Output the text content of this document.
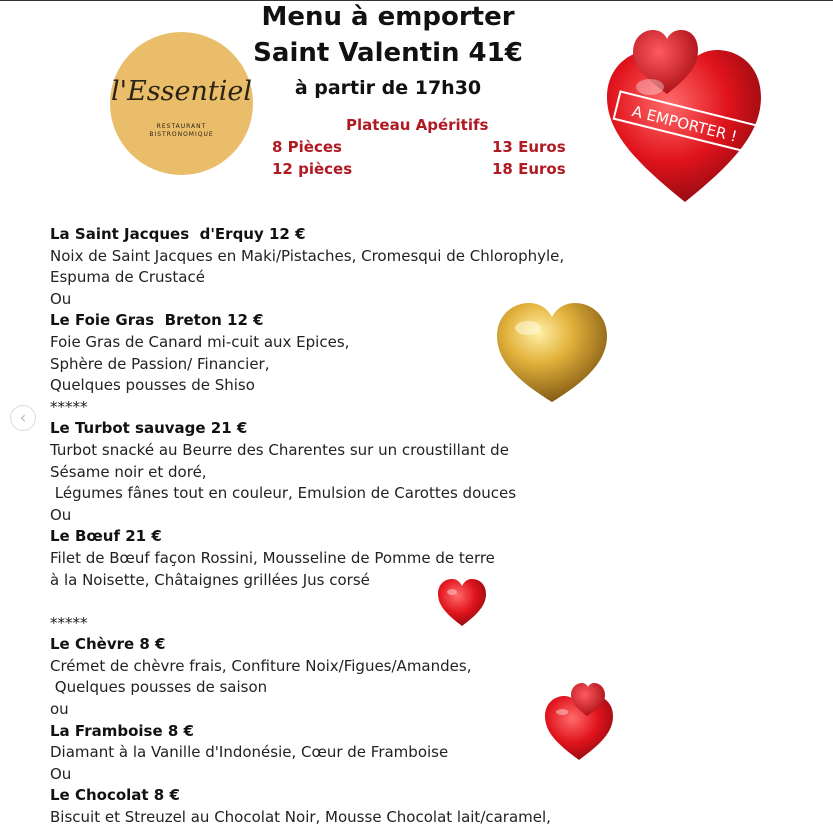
Menu à emporter
Saint Valentin 41€
à partir de 17h30
l'Essentiel
RESTAURANT
BISTRONOMIQUE
Plateau Apéritifs
8 Pièces	13 Euros
12 pièces	18 Euros
A EMPORTER !
‹
La Saint Jacques  d'Erquy 12 €
Noix de Saint Jacques en Maki/Pistaches, Cromesqui de Chlorophyle,
Espuma de Crustacé
Ou
Le Foie Gras  Breton 12 €
Foie Gras de Canard mi-cuit aux Epices,
Sphère de Passion/ Financier,
Quelques pousses de Shiso
*****
Le Turbot sauvage 21 €
Turbot snacké au Beurre des Charentes sur un croustillant de
Sésame noir et doré,
Légumes fânes tout en couleur, Emulsion de Carottes douces
Ou
Le Bœuf 21 €
Filet de Bœuf façon Rossini, Mousseline de Pomme de terre
à la Noisette, Châtaignes grillées Jus corsé
*****
Le Chèvre 8 €
Crémet de chèvre frais, Confiture Noix/Figues/Amandes,
Quelques pousses de saison
ou
La Framboise 8 €
Diamant à la Vanille d'Indonésie, Cœur de Framboise
Ou
Le Chocolat 8 €
Biscuit et Streuzel au Chocolat Noir, Mousse Chocolat lait/caramel,
